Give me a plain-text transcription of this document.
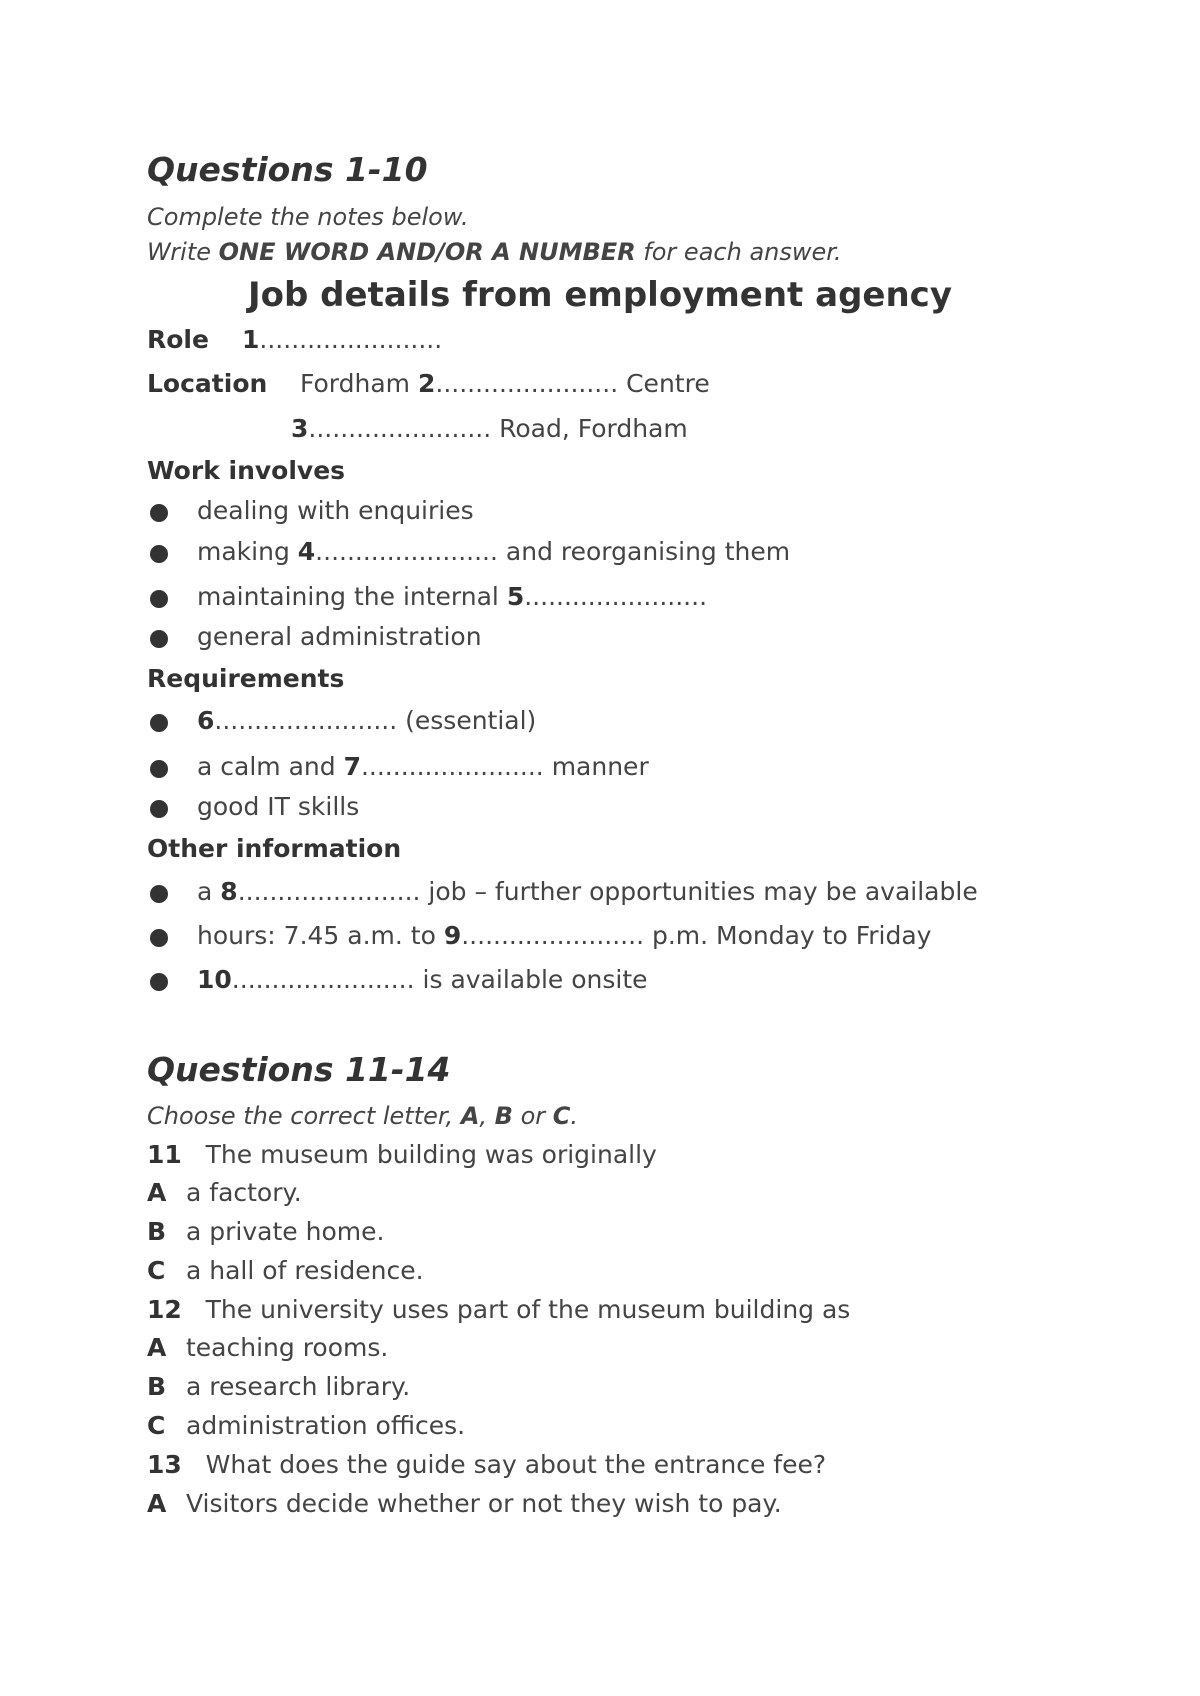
Questions 1-10
Complete the notes below.
Write ONE WORD AND/OR A NUMBER for each answer.
Job details from employment agency
Role 1.......................
Location Fordham 2....................... Centre
3....................... Road, Fordham
Work involves
dealing with enquiries
making 4....................... and reorganising them
maintaining the internal 5.......................
general administration
Requirements
6....................... (essential)
a calm and 7....................... manner
good IT skills
Other information
a 8....................... job – further opportunities may be available
hours: 7.45 a.m. to 9....................... p.m. Monday to Friday
10....................... is available onsite
Questions 11-14
Choose the correct letter, A, B or C.
11 The museum building was originally
A a factory.
B a private home.
C a hall of residence.
12 The university uses part of the museum building as
A teaching rooms.
B a research library.
C administration offices.
13 What does the guide say about the entrance fee?
A Visitors decide whether or not they wish to pay.
